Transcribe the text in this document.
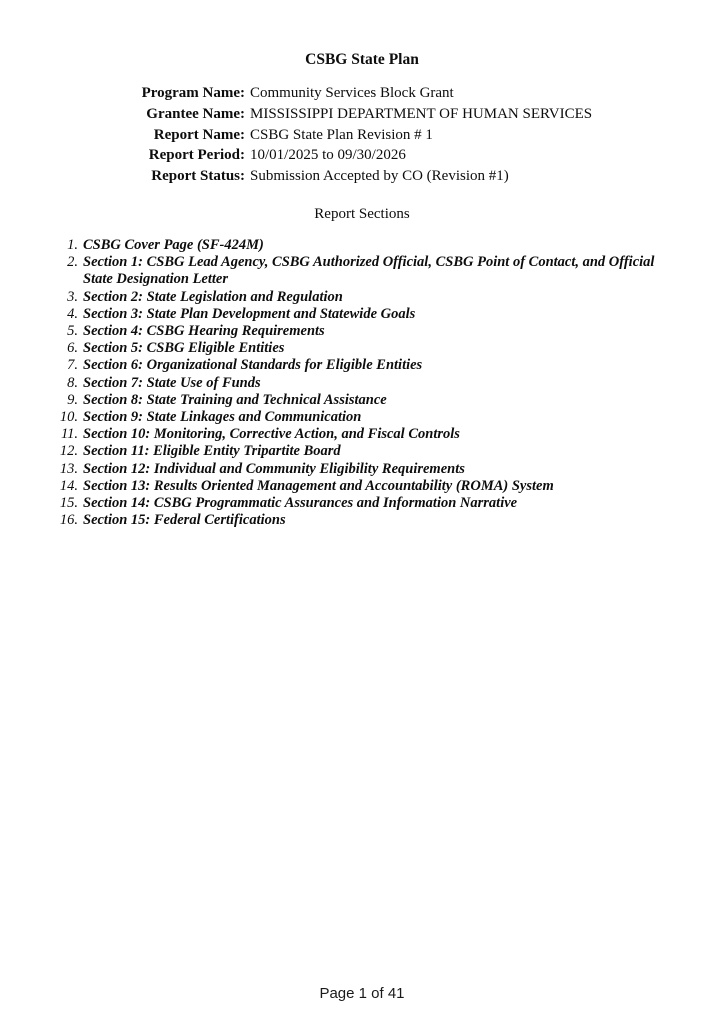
CSBG State Plan
Program Name: Community Services Block Grant
Grantee Name: MISSISSIPPI DEPARTMENT OF HUMAN SERVICES
Report Name: CSBG State Plan Revision # 1
Report Period: 10/01/2025 to 09/30/2026
Report Status: Submission Accepted by CO (Revision #1)
Report Sections
1. CSBG Cover Page (SF-424M)
2. Section 1: CSBG Lead Agency, CSBG Authorized Official, CSBG Point of Contact, and Official State Designation Letter
3. Section 2: State Legislation and Regulation
4. Section 3: State Plan Development and Statewide Goals
5. Section 4: CSBG Hearing Requirements
6. Section 5: CSBG Eligible Entities
7. Section 6: Organizational Standards for Eligible Entities
8. Section 7: State Use of Funds
9. Section 8: State Training and Technical Assistance
10. Section 9: State Linkages and Communication
11. Section 10: Monitoring, Corrective Action, and Fiscal Controls
12. Section 11: Eligible Entity Tripartite Board
13. Section 12: Individual and Community Eligibility Requirements
14. Section 13: Results Oriented Management and Accountability (ROMA) System
15. Section 14: CSBG Programmatic Assurances and Information Narrative
16. Section 15: Federal Certifications
Page 1 of 41
